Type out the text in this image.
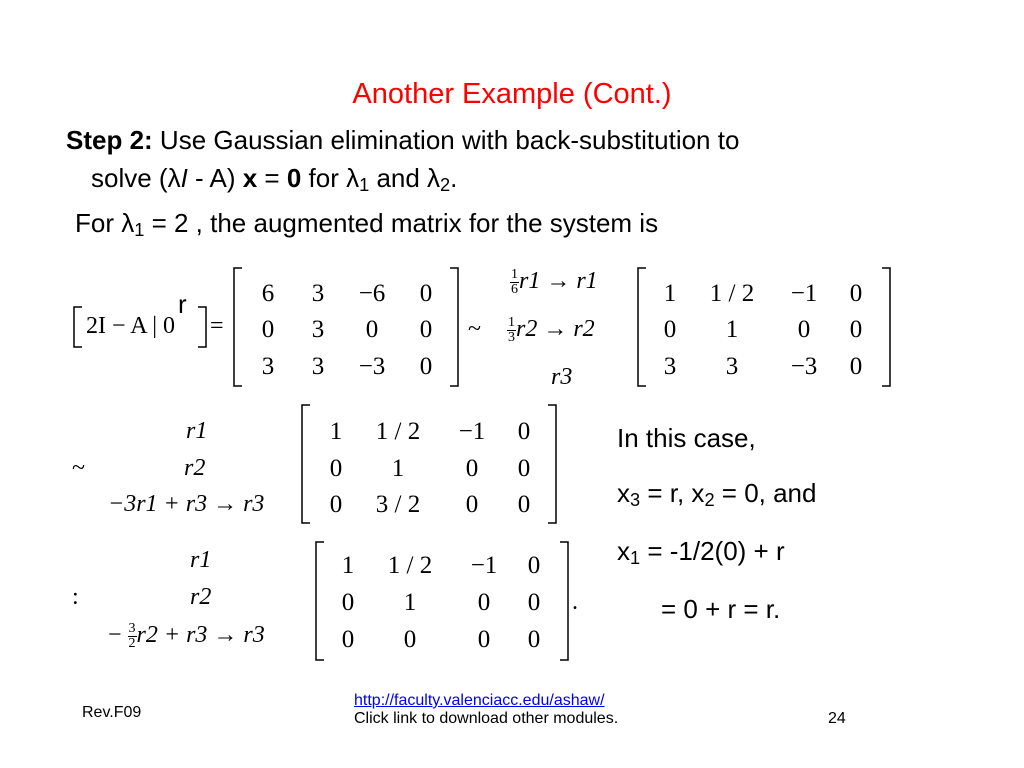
Another Example (Cont.)
Step 2: Use Gaussian elimination with back-substitution to
solve (λI - A) x = 0 for $\lambda_1$ and $\lambda_2$.
For $\lambda_1 = 2$ , the augmented matrix for the system is
r
2I − A | 0 =
6	3	−6	0
0	3	0	0
3	3	−3	0
~
$\frac{1}{6} r1 \to r1$
$\frac{1}{3} r2 \to r2$
r3
1	1 / 2	−1	0
0	1	0	0
3	3	−3	0
~
r1
r2
−3r1 + r3 → r3
1	1 / 2	−1	0
0	1	0	0
0	3 / 2	0	0
:
r1
r2
− $\frac{3}{2} r2 + r3 \to r3$
1	1 / 2	−1	0
0	1	0	0
0	0	0	0
.
In this case,
$x_3 = r$, $x_2 = 0$, and
$x_1 = -1/2(0) + r$
= 0 + r = r.
Rev.F09
http://faculty.valenciacc.edu/ashaw/
Click link to download other modules.	24
